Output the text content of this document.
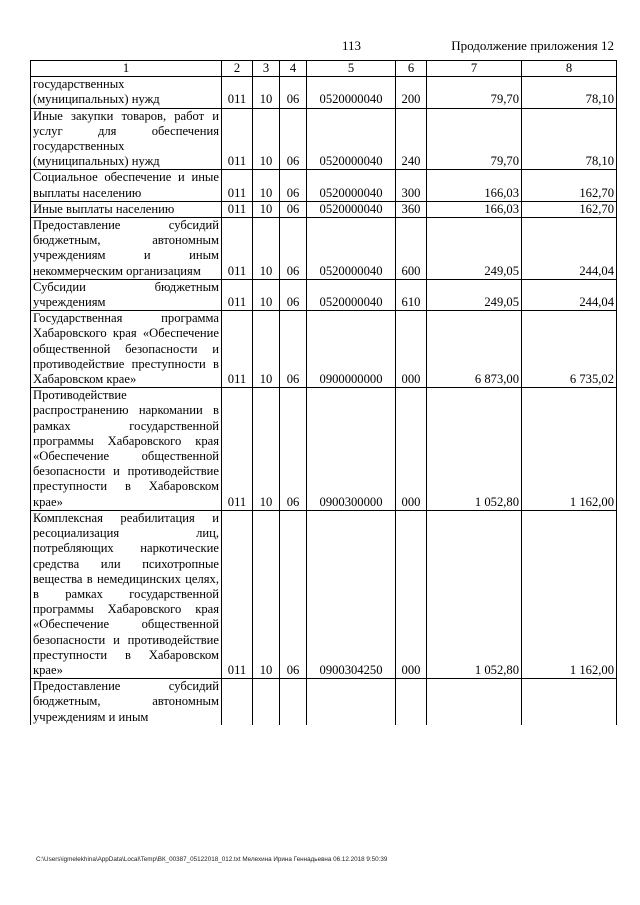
113	Продолжение приложения 12
1	2	3	4	5	6	7	8
государственных (муниципальных) нужд	011	10	06	0520000040	200	79,70	78,10
Иные закупки товаров, работ и услуг для обеспечения государственных (муниципальных) нужд	011	10	06	0520000040	240	79,70	78,10
Социальное обеспечение и иные выплаты населению	011	10	06	0520000040	300	166,03	162,70
Иные выплаты населению	011	10	06	0520000040	360	166,03	162,70
Предоставление субсидий бюджетным, автономным учреждениям и иным некоммерческим организациям	011	10	06	0520000040	600	249,05	244,04
Субсидии бюджетным учреждениям	011	10	06	0520000040	610	249,05	244,04
Государственная программа Хабаровского края «Обеспечение общественной безопасности и противодействие преступности в Хабаровском крае»	011	10	06	0900000000	000	6 873,00	6 735,02
Противодействие распространению наркомании в рамках государственной программы Хабаровского края «Обеспечение общественной безопасности и противодействие преступности в Хабаровском крае»	011	10	06	0900300000	000	1 052,80	1 162,00
Комплексная реабилитация и ресоциализация лиц, потребляющих наркотические средства или психотропные вещества в немедицинских целях, в рамках государственной программы Хабаровского края «Обеспечение общественной безопасности и противодействие преступности в Хабаровском крае»	011	10	06	0900304250	000	1 052,80	1 162,00
Предоставление субсидий бюджетным, автономным учреждениям и иным							
C:\Users\igmelekhina\AppData\Local\Temp\ВК_00387_05122018_012.txt Мелехина Ирина Геннадьевна 06.12.2018 9:50:39
